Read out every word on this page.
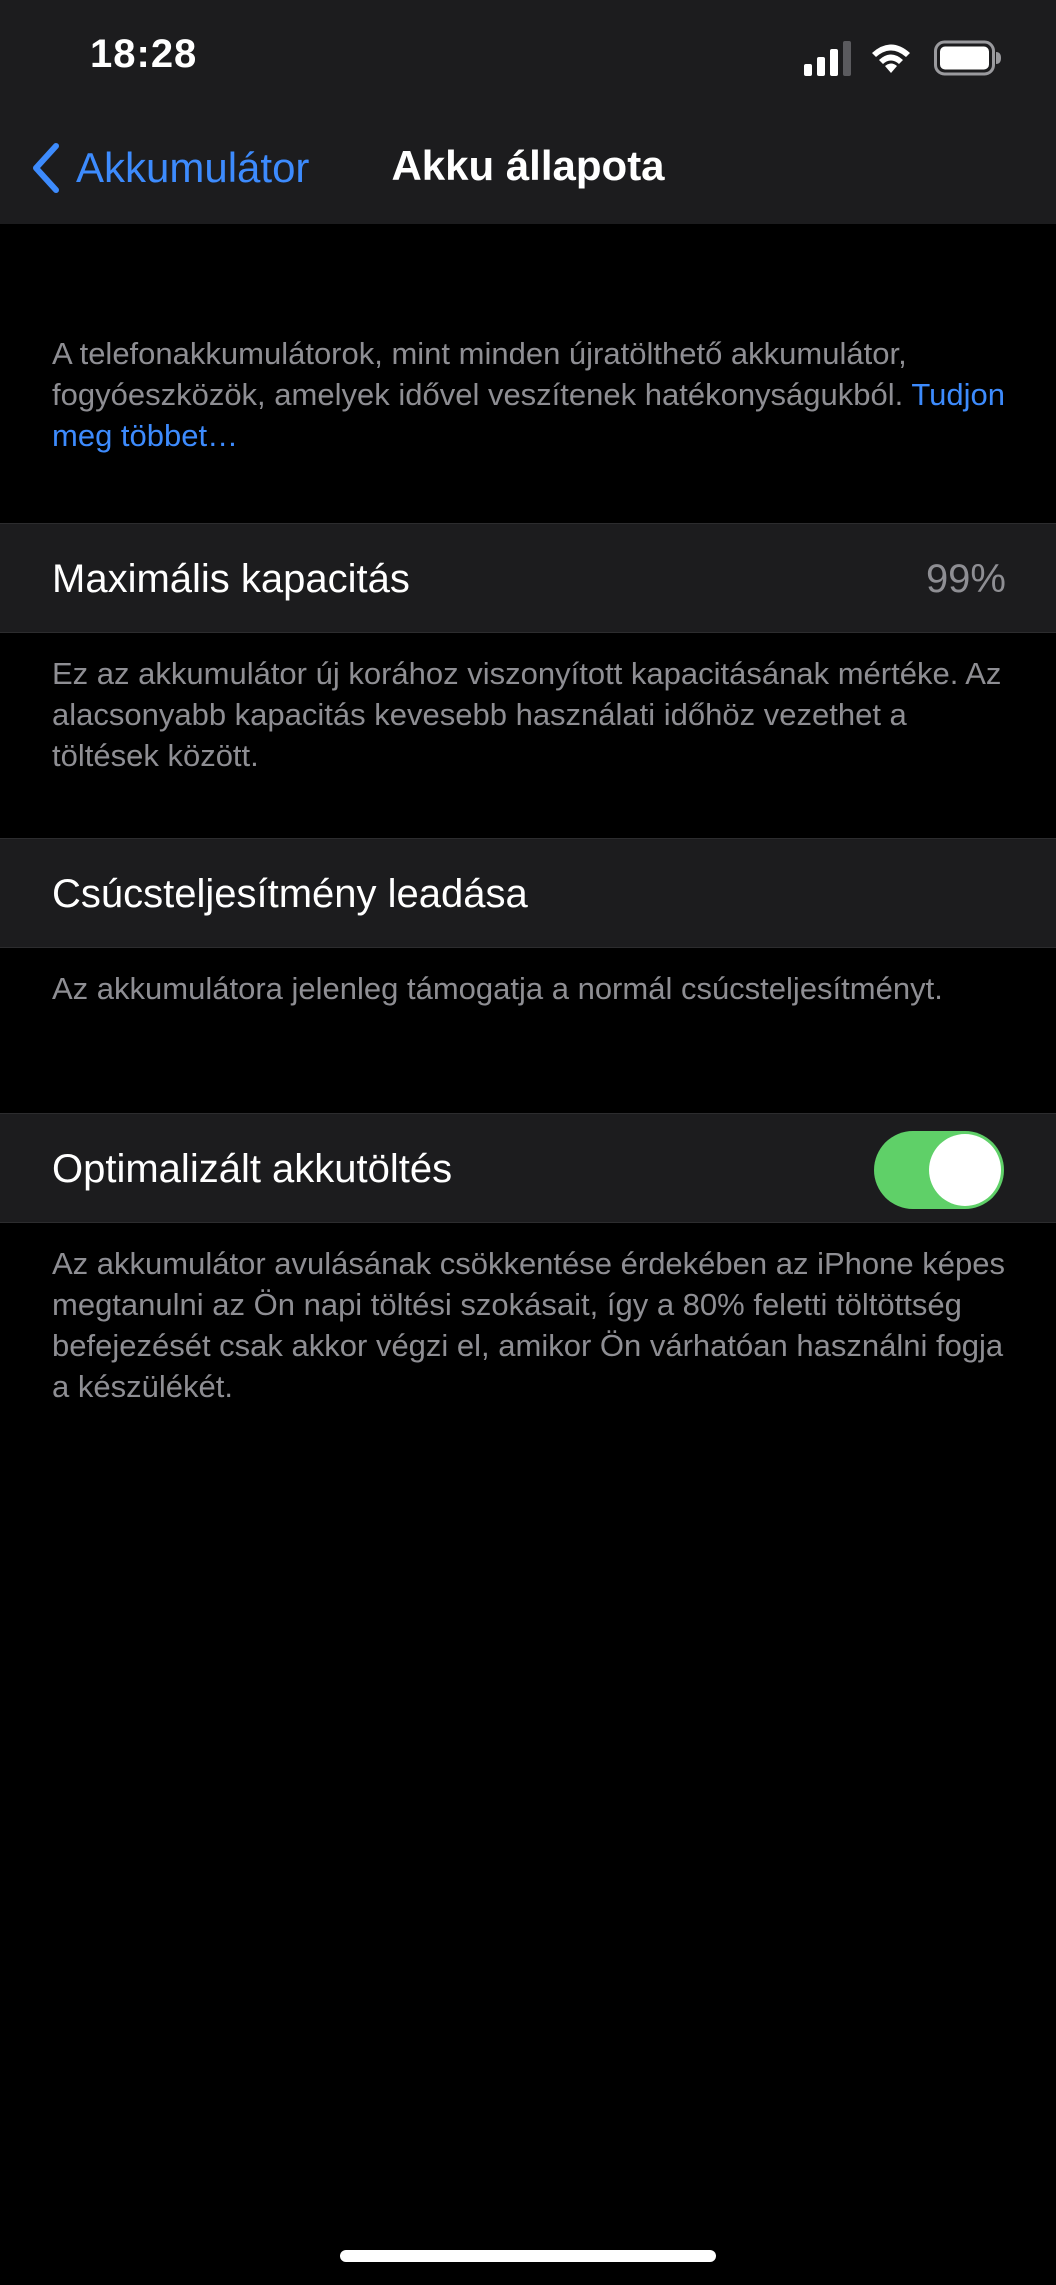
18:28
Akku állapota
Akkumulátor
A telefonakkumulátorok, mint minden újratölthető akkumulátor, fogyóeszközök, amelyek idővel veszítenek hatékonyságukból. Tudjon meg többet…
Maximális kapacitás	99%
Ez az akkumulátor új korához viszonyított kapacitásának mértéke. Az alacsonyabb kapacitás kevesebb használati időhöz vezethet a töltések között.
Csúcsteljesítmény leadása
Az akkumulátora jelenleg támogatja a normál csúcsteljesítményt.
Optimalizált akkutöltés
Az akkumulátor avulásának csökkentése érdekében az iPhone képes megtanulni az Ön napi töltési szokásait, így a 80% feletti töltöttség befejezését csak akkor végzi el, amikor Ön várhatóan használni fogja a készülékét.
